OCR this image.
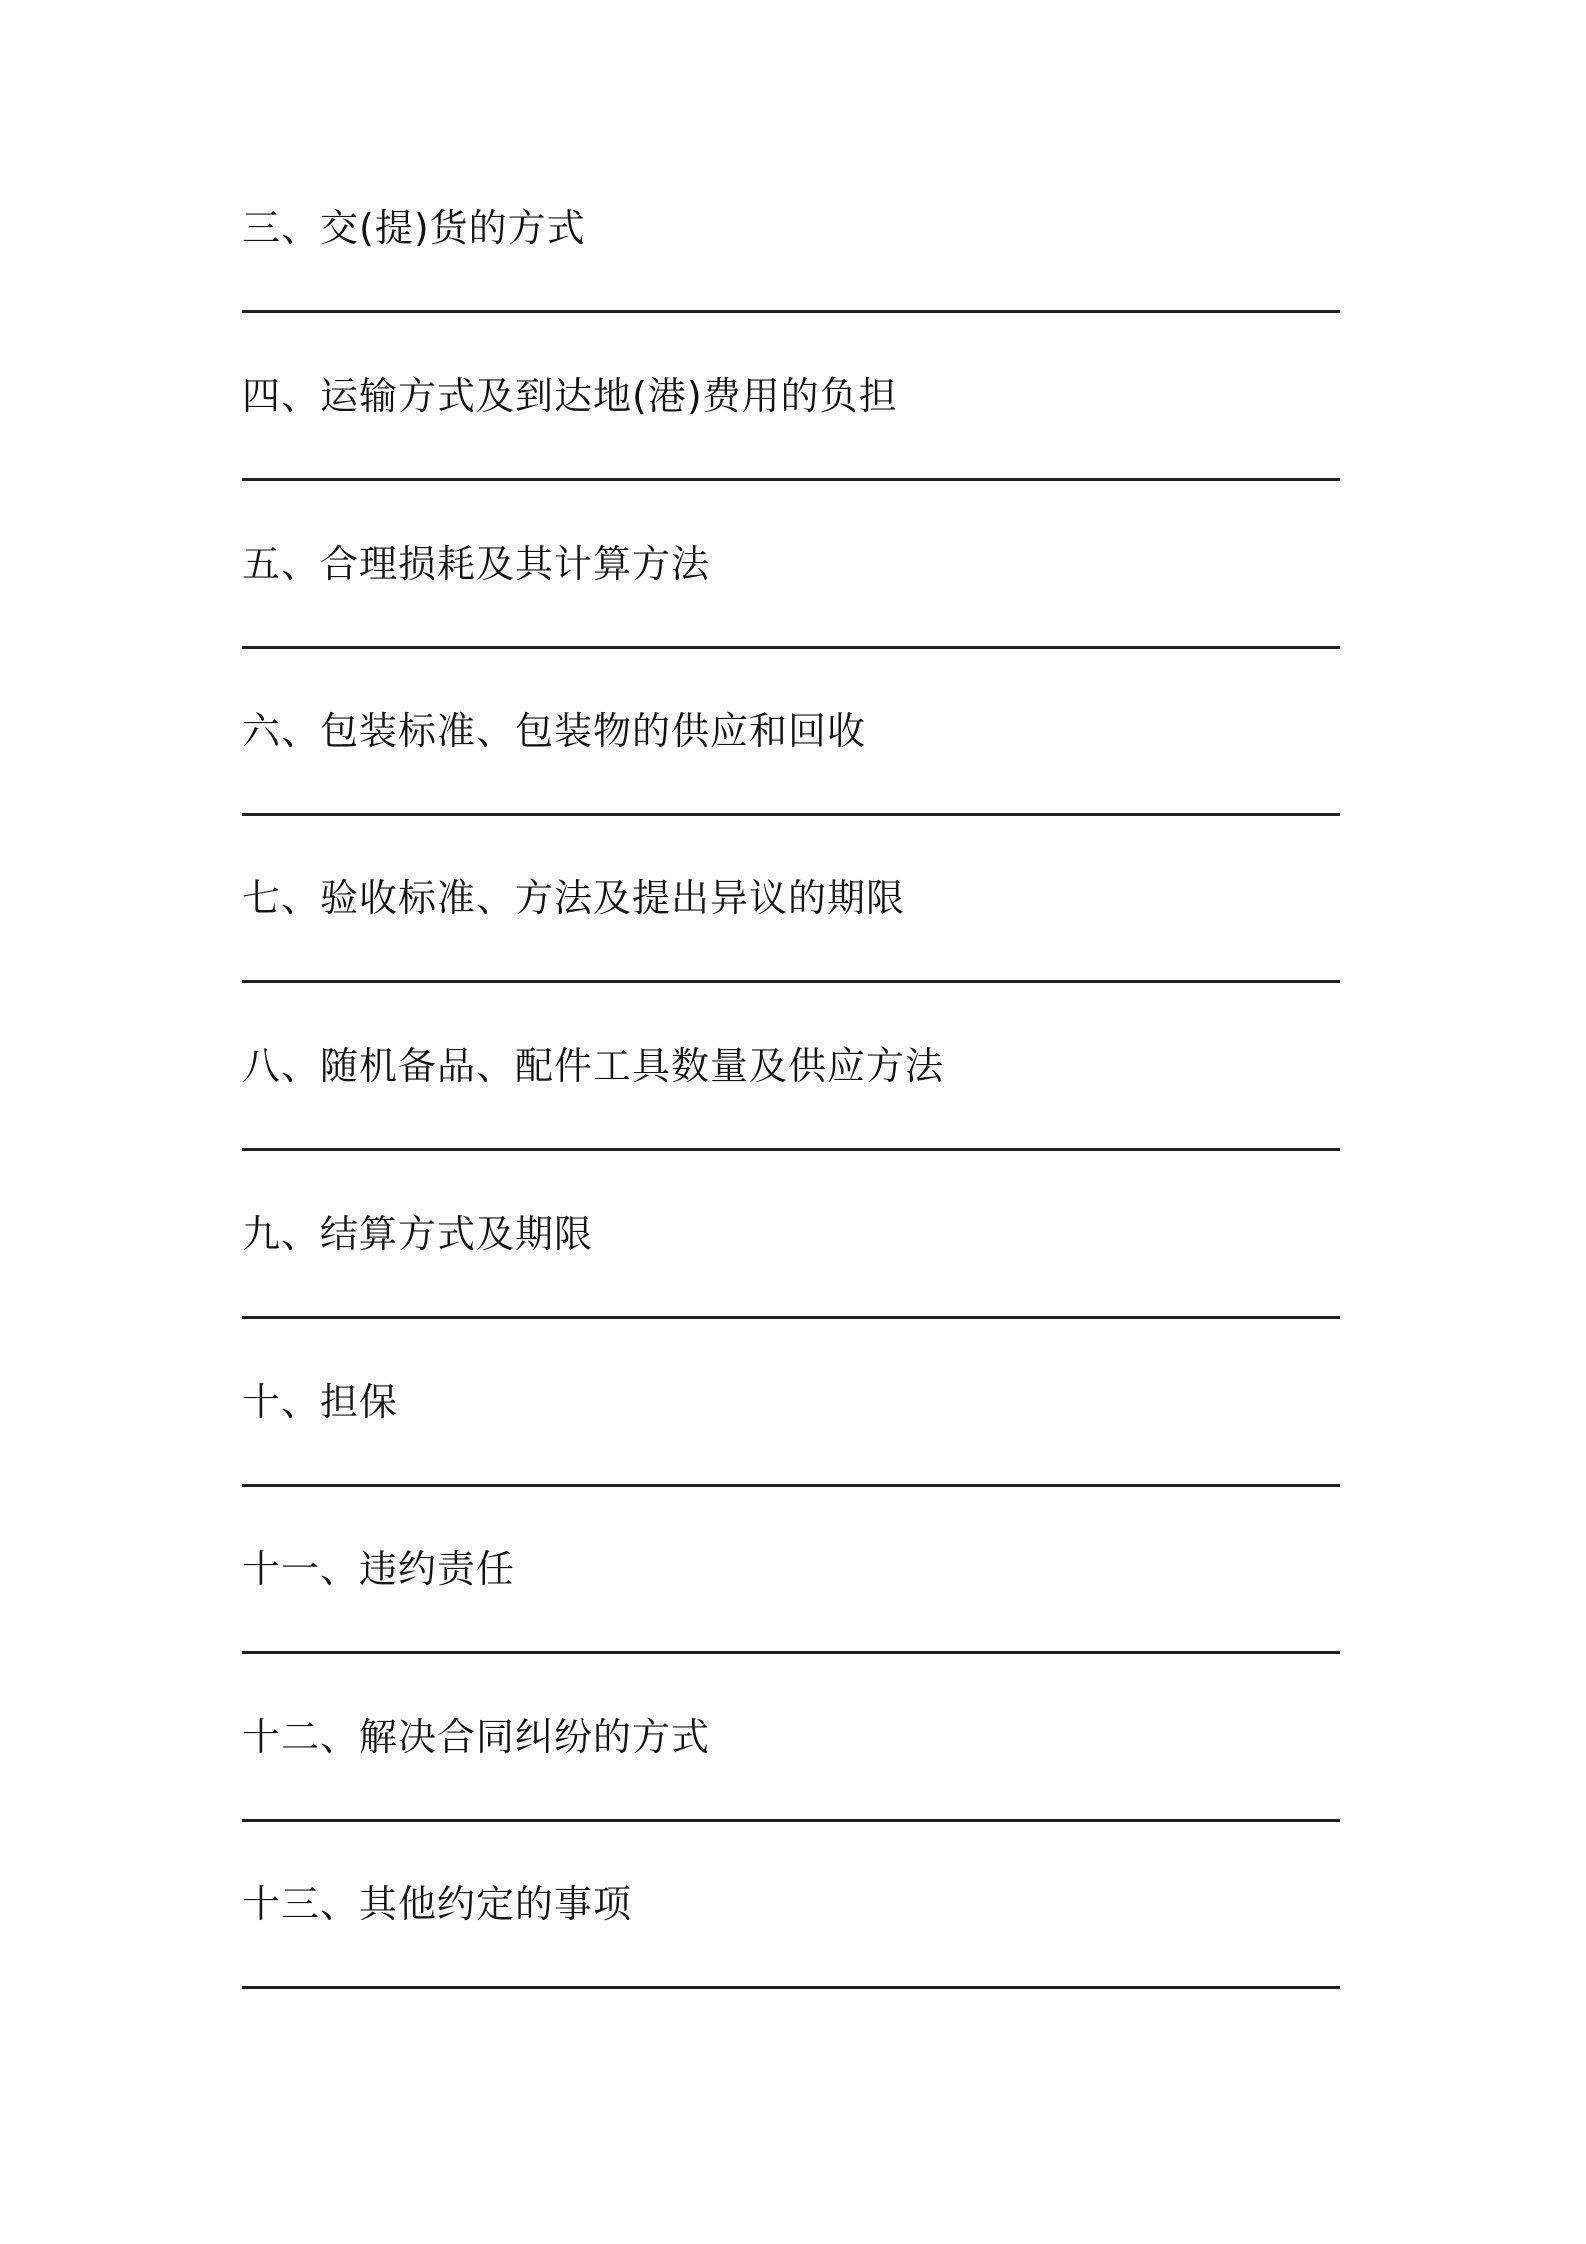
三、交(提)货的方式
四、运输方式及到达地(港)费用的负担
五、合理损耗及其计算方法
六、包装标准、包装物的供应和回收
七、验收标准、方法及提出异议的期限
八、随机备品、配件工具数量及供应方法
九、结算方式及期限
十、担保
十一、违约责任
十二、解决合同纠纷的方式
十三、其他约定的事项
